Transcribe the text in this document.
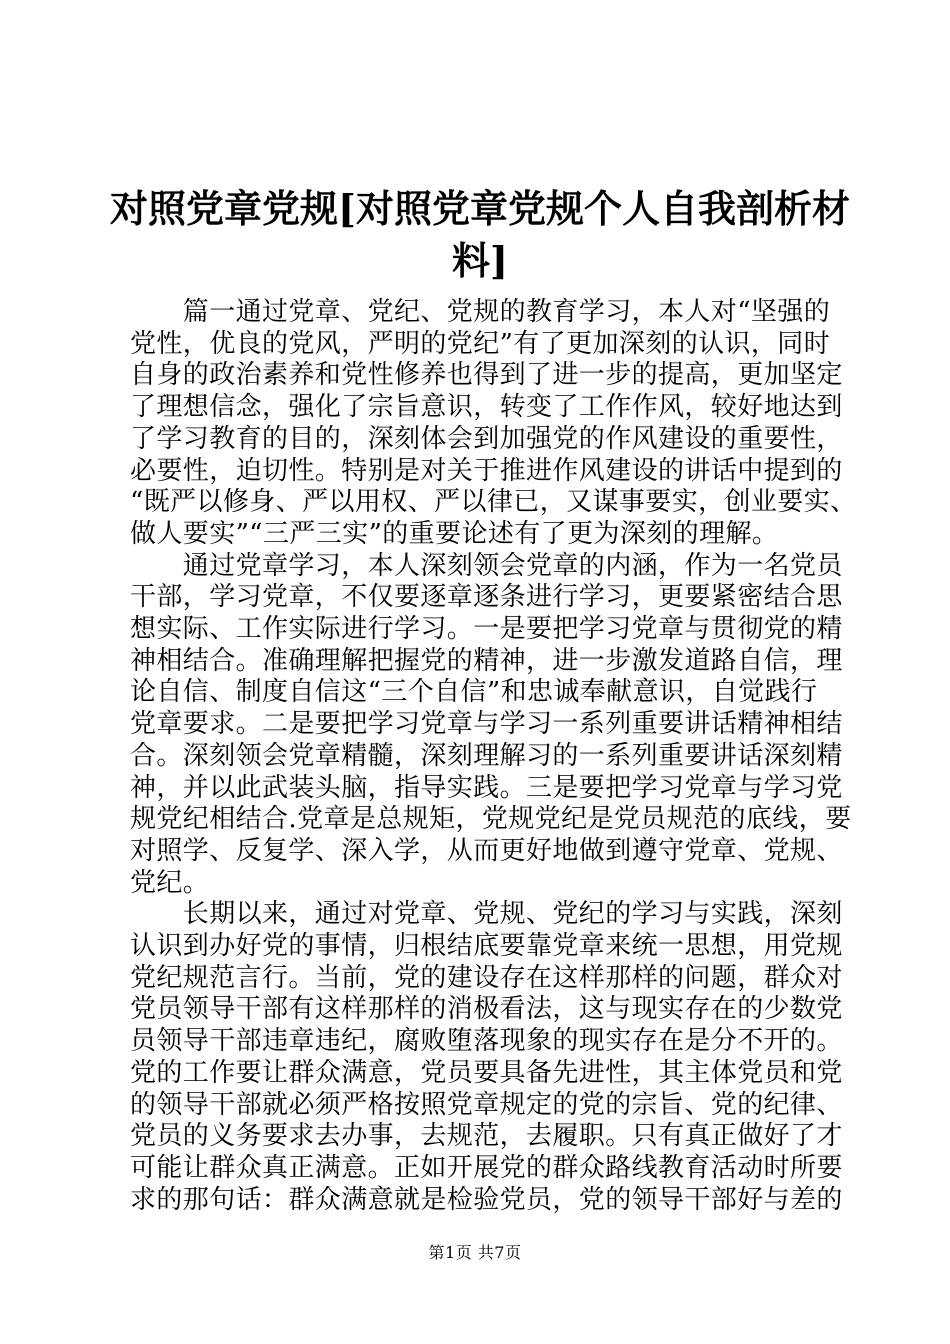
对照党章党规[对照党章党规个人自我剖析材
料]

　　篇一通过党章、党纪、党规的教育学习，本人对“坚强的
党性，优良的党风，严明的党纪”有了更加深刻的认识，同时
自身的政治素养和党性修养也得到了进一步的提高，更加坚定
了理想信念，强化了宗旨意识，转变了工作作风，较好地达到
了学习教育的目的，深刻体会到加强党的作风建设的重要性，
必要性，迫切性。特别是对关于推进作风建设的讲话中提到的
“既严以修身、严以用权、严以律已，又谋事要实，创业要实、
做人要实”“三严三实”的重要论述有了更为深刻的理解。

　　通过党章学习，本人深刻领会党章的内涵，作为一名党员
干部，学习党章，不仅要逐章逐条进行学习，更要紧密结合思
想实际、工作实际进行学习。一是要把学习党章与贯彻党的精
神相结合。准确理解把握党的精神，进一步激发道路自信，理
论自信、制度自信这“三个自信”和忠诚奉献意识，自觉践行
党章要求。二是要把学习党章与学习一系列重要讲话精神相结
合。深刻领会党章精髓，深刻理解习的一系列重要讲话深刻精
神，并以此武装头脑，指导实践。三是要把学习党章与学习党
规党纪相结合.党章是总规矩，党规党纪是党员规范的底线，要
对照学、反复学、深入学，从而更好地做到遵守党章、党规、
党纪。

　　长期以来，通过对党章、党规、党纪的学习与实践，深刻
认识到办好党的事情，归根结底要靠党章来统一思想，用党规
党纪规范言行。当前，党的建设存在这样那样的问题，群众对
党员领导干部有这样那样的消极看法，这与现实存在的少数党
员领导干部违章违纪，腐败堕落现象的现实存在是分不开的。
党的工作要让群众满意，党员要具备先进性，其主体党员和党
的领导干部就必须严格按照党章规定的党的宗旨、党的纪律、
党员的义务要求去办事，去规范，去履职。只有真正做好了才
可能让群众真正满意。正如开展党的群众路线教育活动时所要
求的那句话：群众满意就是检验党员，党的领导干部好与差的

第1页 共7页
